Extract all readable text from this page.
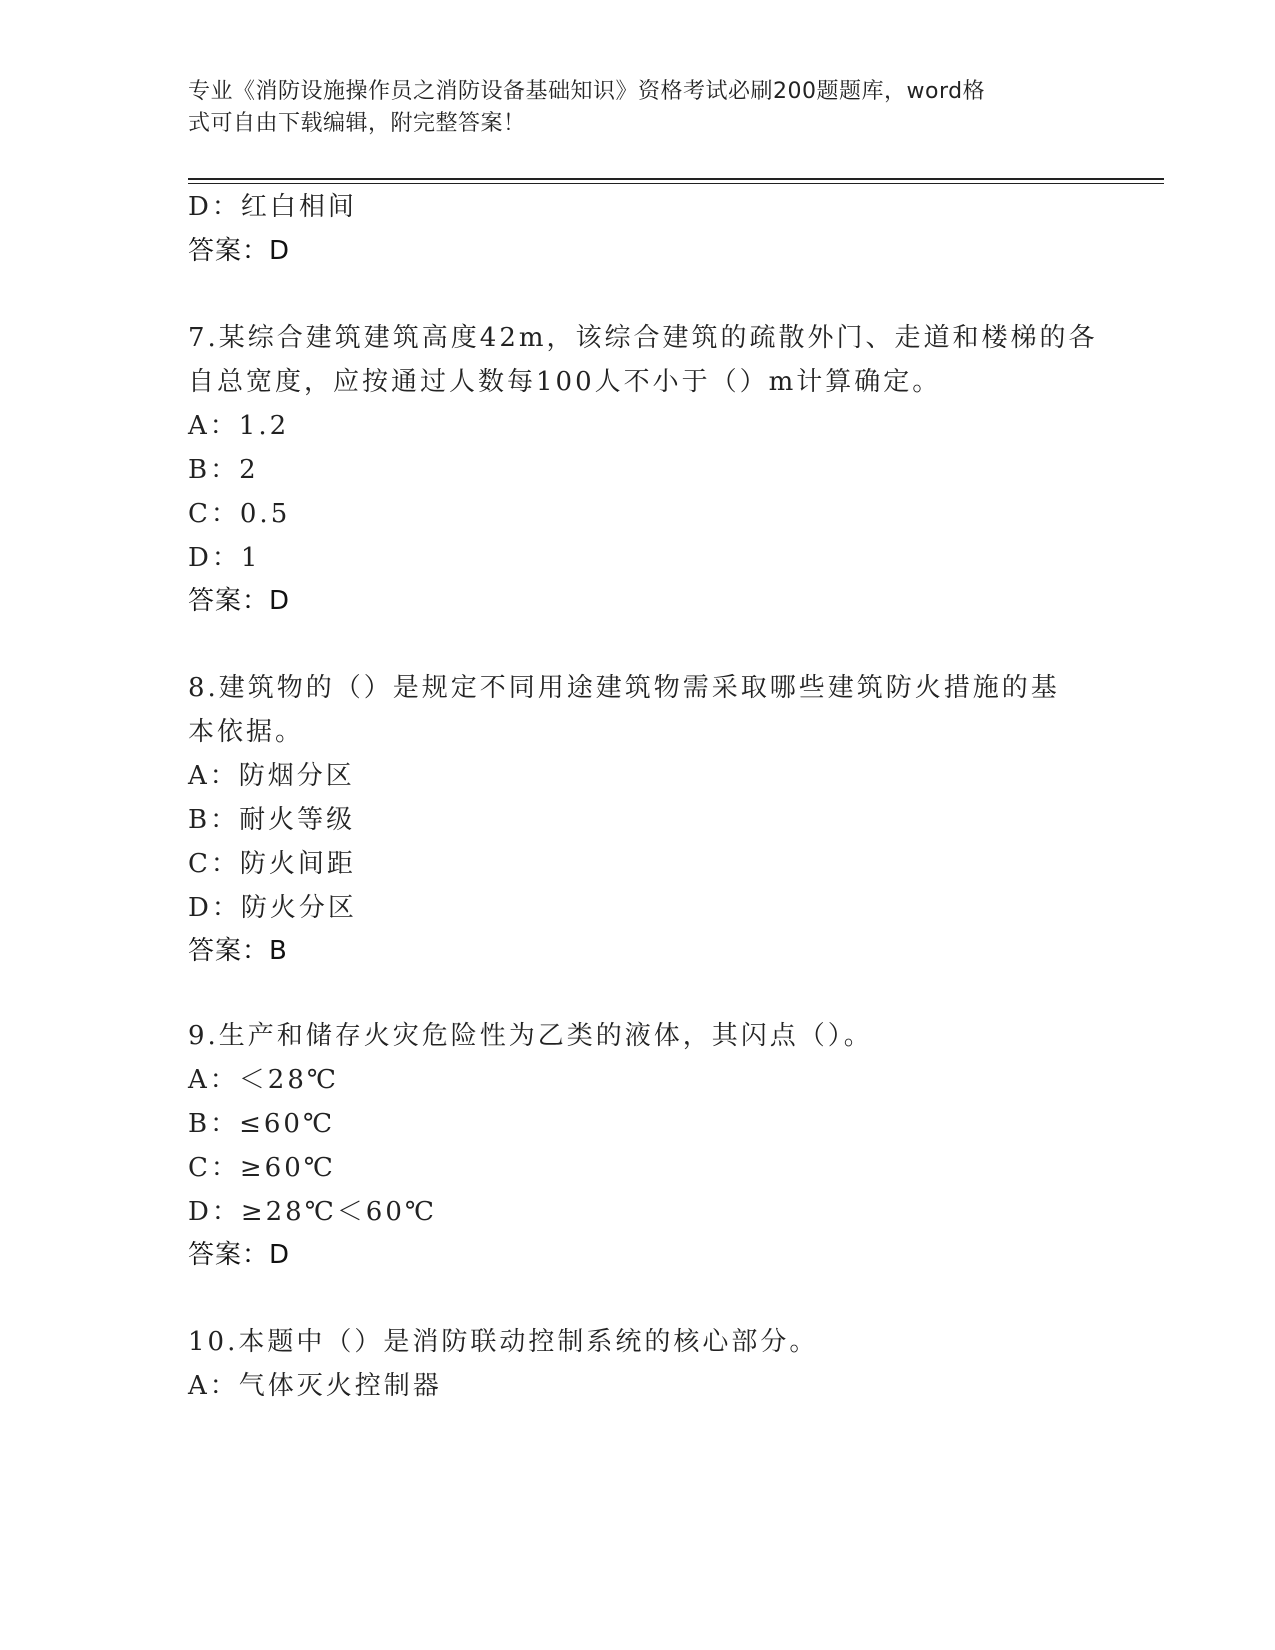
专业《消防设施操作员之消防设备基础知识》资格考试必刷200题题库，word格
式可自由下载编辑，附完整答案！
D：红白相间
答案：D
7.某综合建筑建筑高度42m，该综合建筑的疏散外门、走道和楼梯的各
自总宽度，应按通过人数每100人不小于（）m计算确定。
A：1.2
B：2
C：0.5
D：1
答案：D
8.建筑物的（）是规定不同用途建筑物需采取哪些建筑防火措施的基
本依据。
A：防烟分区
B：耐火等级
C：防火间距
D：防火分区
答案：B
9.生产和储存火灾危险性为乙类的液体，其闪点（）。
A：＜28℃
B：≤60℃
C：≥60℃
D：≥28℃＜60℃
答案：D
10.本题中（）是消防联动控制系统的核心部分。
A：气体灭火控制器
